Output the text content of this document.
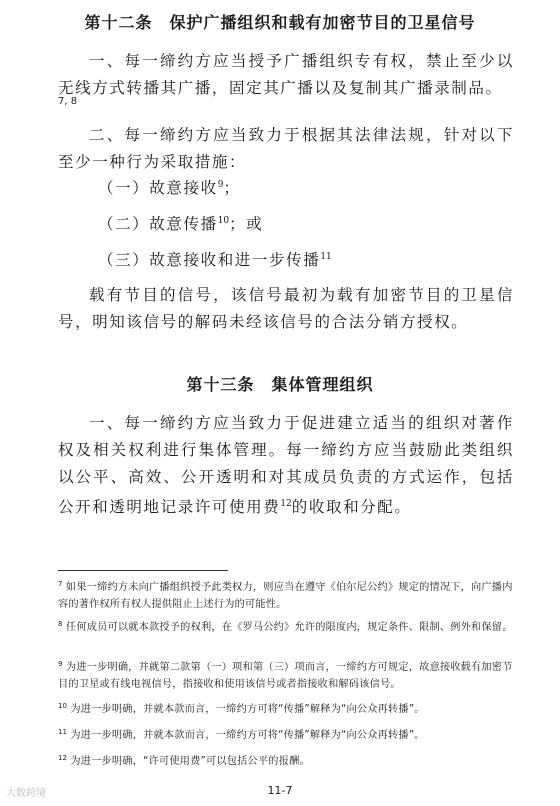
第十二条　保护广播组织和载有加密节目的卫星信号
一、每一缔约方应当授予广播组织专有权，禁止至少以无线方式转播其广播，固定其广播以及复制其广播录制品。
7, 8
二、每一缔约方应当致力于根据其法律法规，针对以下至少一种行为采取措施：
（一）故意接收$^9$；
（二）故意传播$^{10}$；或
（三）故意接收和进一步传播$^{11}$
载有节目的信号，该信号最初为载有加密节目的卫星信号，明知该信号的解码未经该信号的合法分销方授权。
第十三条　集体管理组织
一、每一缔约方应当致力于促进建立适当的组织对著作权及相关权利进行集体管理。每一缔约方应当鼓励此类组织以公平、高效、公开透明和对其成员负责的方式运作，包括公开和透明地记录许可使用费$^{12}$的收取和分配。
$^7$ 如果一缔约方未向广播组织授予此类权力，则应当在遵守《伯尔尼公约》规定的情况下，向广播内容的著作权所有权人提供阻止上述行为的可能性。
$^8$ 任何成员可以就本款授予的权利，在《罗马公约》允许的限度内，规定条件、限制、例外和保留。
$^9$ 为进一步明确，并就第二款第（一）项和第（三）项而言，一缔约方可规定，故意接收载有加密节目的卫星或有线电视信号，指接收和使用该信号或者指接收和解码该信号。
$^{10}$ 为进一步明确，并就本款而言，一缔约方可将“传播”解释为“向公众再转播”。
$^{11}$ 为进一步明确，并就本款而言，一缔约方可将“传播”解释为“向公众再转播”。
$^{12}$ 为进一步明确，“许可使用费”可以包括公平的报酬。
11-7
大数跨境
